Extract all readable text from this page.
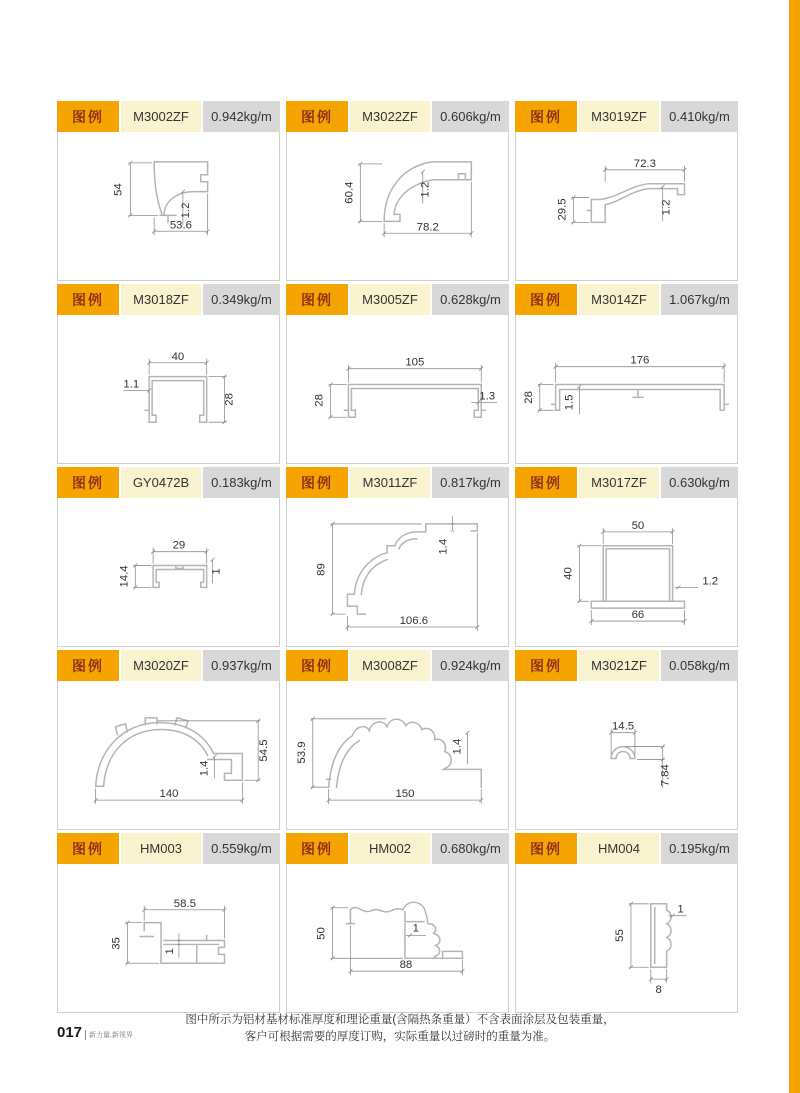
图例	M3002ZF	0.942kg/m
54
1.2
53.6
图例	M3022ZF	0.606kg/m
60.4	1.2
78.2
图例	M3019ZF	0.410kg/m
72.3
29.5	1.2
图例	M3018ZF	0.349kg/m
40
1.1
28
图例	M3005ZF	0.628kg/m
105
28	1.3
图例	M3014ZF	1.067kg/m
176
28 1.5
图例	GY0472B	0.183kg/m
29
14.4	1
图例	M3011ZF	0.817kg/m
89
1.4
106.6
图例	M3017ZF	0.630kg/m
50
40
1.2
66
图例	M3020ZF	0.937kg/m
140
54.5
1.4
图例	M3008ZF	0.924kg/m
53.9	1.4
150
图例	M3021ZF	0.058kg/m
14.5
7.84
图例	HM003	0.559kg/m
58.5
35
1
图例	HM002	0.680kg/m
50	1
88
图例	HM004	0.195kg/m
55
1
8
图中所示为铝材基材标准厚度和理论重量(含隔热条重量）不含表面涂层及包装重量，
客户可根据需要的厚度订购，实际重量以过磅时的重量为准。
017	新力量.新视界
